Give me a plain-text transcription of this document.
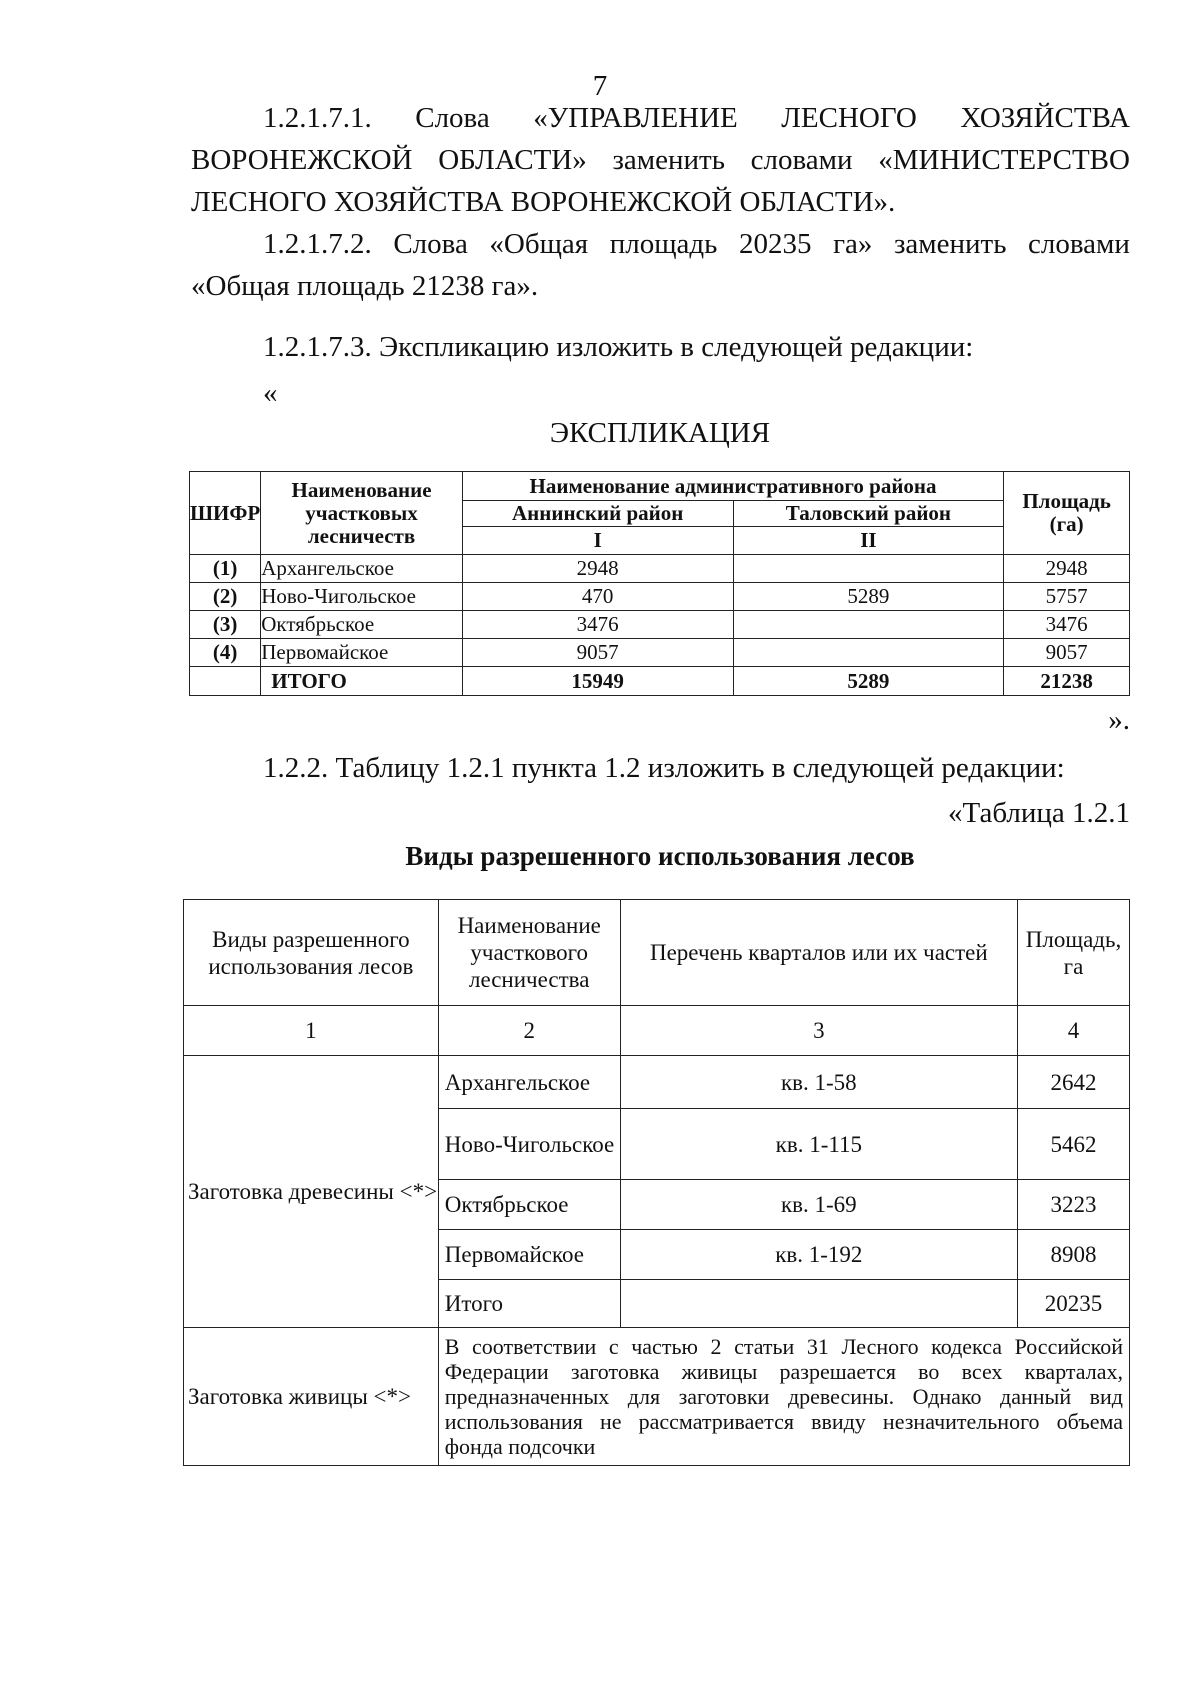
7
1.2.1.7.1. Слова «УПРАВЛЕНИЕ ЛЕСНОГО ХОЗЯЙСТВА
ВОРОНЕЖСКОЙ ОБЛАСТИ» заменить словами «МИНИСТЕРСТВО
ЛЕСНОГО ХОЗЯЙСТВА ВОРОНЕЖСКОЙ ОБЛАСТИ».
1.2.1.7.2. Слова «Общая площадь 20235 га» заменить словами
«Общая площадь 21238 га».
1.2.1.7.3. Экспликацию изложить в следующей редакции:
«
ЭКСПЛИКАЦИЯ
ШИФР	Наименование участковых лесничеств	Наименование административного района		Площадь (га)
		Аннинский район	Таловский район	
		I	II	
(1)	Архангельское	2948		2948
(2)	Ново-Чигольское	470	5289	5757
(3)	Октябрьское	3476		3476
(4)	Первомайское	9057		9057
	ИТОГО	15949	5289	21238
».
1.2.2. Таблицу 1.2.1 пункта 1.2 изложить в следующей редакции:
«Таблица 1.2.1
Виды разрешенного использования лесов
Виды разрешенного использования лесов	Наименование участкового лесничества	Перечень кварталов или их частей	Площадь, га
1	2	3	4
Заготовка древесины <*>	Архангельское	кв. 1-58	2642
	Ново-Чигольское	кв. 1-115	5462
	Октябрьское	кв. 1-69	3223
	Первомайское	кв. 1-192	8908
	Итого		20235
Заготовка живицы <*>	В соответствии с частью 2 статьи 31 Лесного кодекса Российской Федерации заготовка живицы разрешается во всех кварталах, предназначенных для заготовки древесины. Однако данный вид использования не рассматривается ввиду незначительного объема фонда подсочки		
